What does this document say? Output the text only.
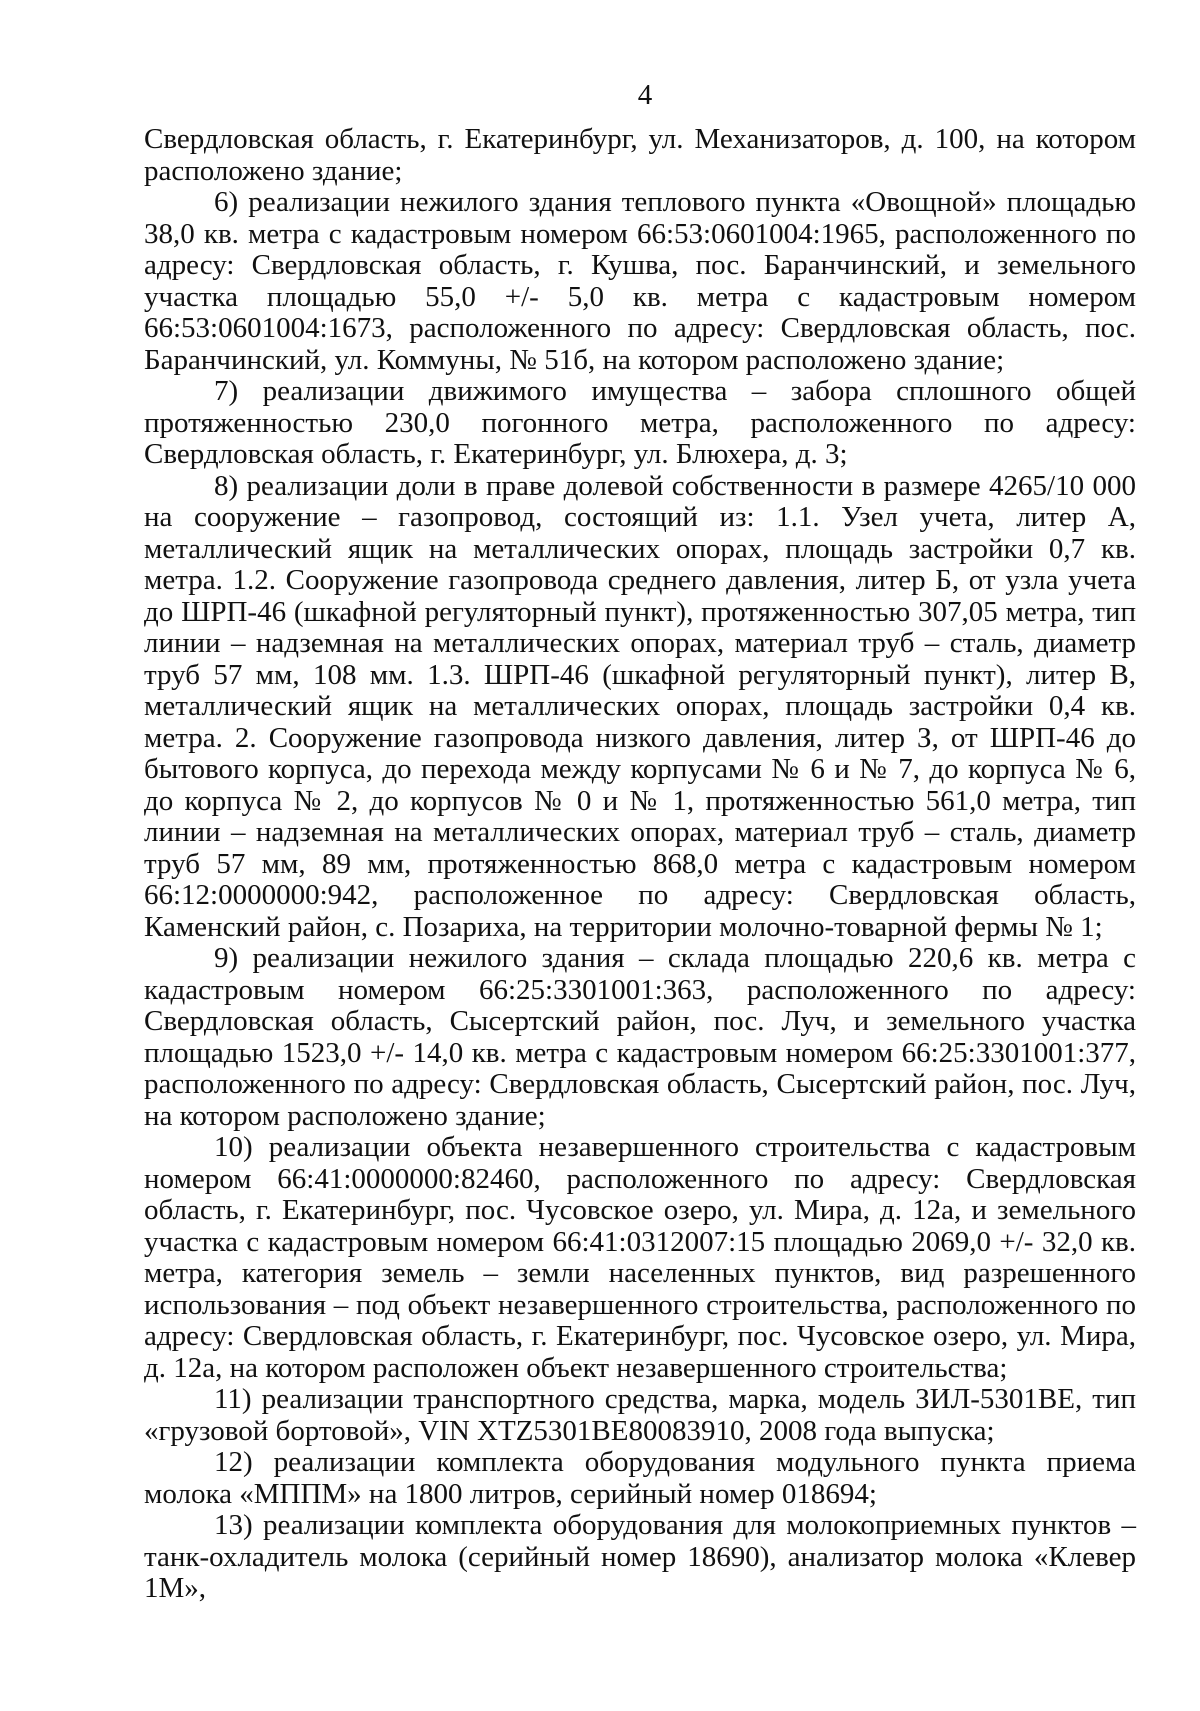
4

Свердловская область, г. Екатеринбург, ул. Механизаторов, д. 100, на котором расположено здание;

6) реализации нежилого здания теплового пункта «Овощной» площадью 38,0 кв. метра с кадастровым номером 66:53:0601004:1965, расположенного по адресу: Свердловская область, г. Кушва, пос. Баранчинский, и земельного участка площадью 55,0 +/- 5,0 кв. метра с кадастровым номером 66:53:0601004:1673, расположенного по адресу: Свердловская область, пос. Баранчинский, ул. Коммуны, № 51б, на котором расположено здание;

7) реализации движимого имущества – забора сплошного общей протяженностью 230,0 погонного метра, расположенного по адресу: Свердловская область, г. Екатеринбург, ул. Блюхера, д. 3;

8) реализации доли в праве долевой собственности в размере 4265/10 000 на сооружение – газопровод, состоящий из: 1.1. Узел учета, литер А, металлический ящик на металлических опорах, площадь застройки 0,7 кв. метра. 1.2. Сооружение газопровода среднего давления, литер Б, от узла учета до ШРП-46 (шкафной регуляторный пункт), протяженностью 307,05 метра, тип линии – надземная на металлических опорах, материал труб – сталь, диаметр труб 57 мм, 108 мм. 1.3. ШРП-46 (шкафной регуляторный пункт), литер В, металлический ящик на металлических опорах, площадь застройки 0,4 кв. метра. 2. Сооружение газопровода низкого давления, литер З, от ШРП-46 до бытового корпуса, до перехода между корпусами № 6 и № 7, до корпуса № 6, до корпуса № 2, до корпусов № 0 и № 1, протяженностью 561,0 метра, тип линии – надземная на металлических опорах, материал труб – сталь, диаметр труб 57 мм, 89 мм, протяженностью 868,0 метра с кадастровым номером 66:12:0000000:942, расположенное по адресу: Свердловская область, Каменский район, с. Позариха, на территории молочно-товарной фермы № 1;

9) реализации нежилого здания – склада площадью 220,6 кв. метра с кадастровым номером 66:25:3301001:363, расположенного по адресу: Свердловская область, Сысертский район, пос. Луч, и земельного участка площадью 1523,0 +/- 14,0 кв. метра с кадастровым номером 66:25:3301001:377, расположенного по адресу: Свердловская область, Сысертский район, пос. Луч, на котором расположено здание;

10) реализации объекта незавершенного строительства с кадастровым номером 66:41:0000000:82460, расположенного по адресу: Свердловская область, г. Екатеринбург, пос. Чусовское озеро, ул. Мира, д. 12а, и земельного участка с кадастровым номером 66:41:0312007:15 площадью 2069,0 +/- 32,0 кв. метра, категория земель – земли населенных пунктов, вид разрешенного использования – под объект незавершенного строительства, расположенного по адресу: Свердловская область, г. Екатеринбург, пос. Чусовское озеро, ул. Мира, д. 12а, на котором расположен объект незавершенного строительства;

11) реализации транспортного средства, марка, модель ЗИЛ-5301ВЕ, тип «грузовой бортовой», VIN XTZ5301BE80083910, 2008 года выпуска;

12) реализации комплекта оборудования модульного пункта приема молока «МППМ» на 1800 литров, серийный номер 018694;

13) реализации комплекта оборудования для молокоприемных пунктов – танк-охладитель молока (серийный номер 18690), анализатор молока «Клевер 1М»,
